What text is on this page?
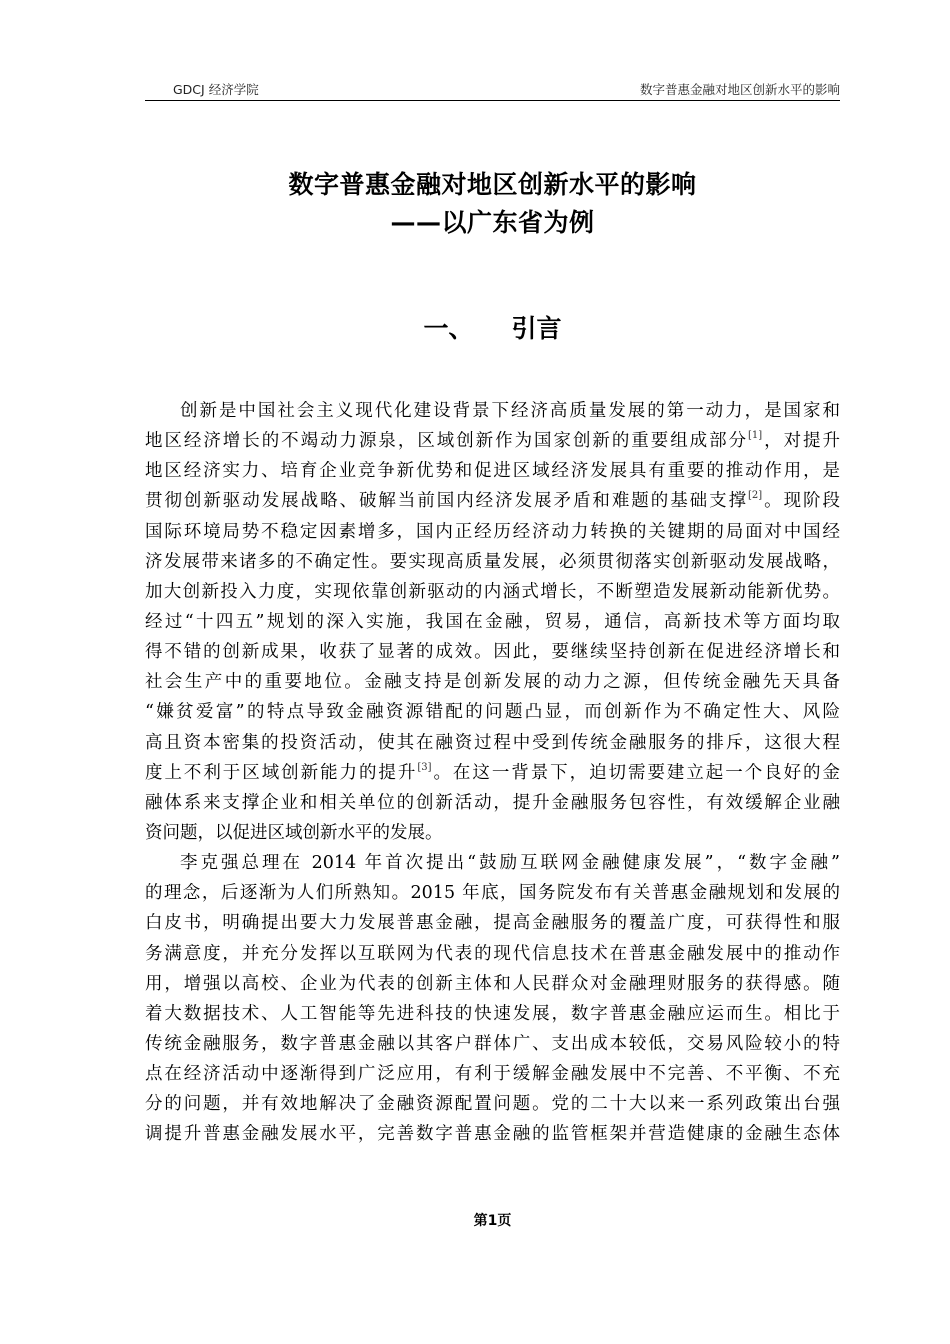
GDCJ 经济学院	数字普惠金融对地区创新水平的影响
数字普惠金融对地区创新水平的影响
——以广东省为例
一、 引言
创新是中国社会主义现代化建设背景下经济高质量发展的第一动力，是国家和
地区经济增长的不竭动力源泉，区域创新作为国家创新的重要组成部分[1]，对提升
地区经济实力、培育企业竞争新优势和促进区域经济发展具有重要的推动作用，是
贯彻创新驱动发展战略、破解当前国内经济发展矛盾和难题的基础支撑[2]。现阶段
国际环境局势不稳定因素增多，国内正经历经济动力转换的关键期的局面对中国经
济发展带来诸多的不确定性。要实现高质量发展，必须贯彻落实创新驱动发展战略，
加大创新投入力度，实现依靠创新驱动的内涵式增长，不断塑造发展新动能新优势。
经过“十四五”规划的深入实施，我国在金融，贸易，通信，高新技术等方面均取
得不错的创新成果，收获了显著的成效。因此，要继续坚持创新在促进经济增长和
社会生产中的重要地位。金融支持是创新发展的动力之源，但传统金融先天具备
“嫌贫爱富”的特点导致金融资源错配的问题凸显，而创新作为不确定性大、风险
高且资本密集的投资活动，使其在融资过程中受到传统金融服务的排斥，这很大程
度上不利于区域创新能力的提升[3]。在这一背景下，迫切需要建立起一个良好的金
融体系来支撑企业和相关单位的创新活动，提升金融服务包容性，有效缓解企业融
资问题，以促进区域创新水平的发展。
李克强总理在 2014 年首次提出“鼓励互联网金融健康发展”，“数字金融”
的理念，后逐渐为人们所熟知。2015 年底，国务院发布有关普惠金融规划和发展的
白皮书，明确提出要大力发展普惠金融，提高金融服务的覆盖广度，可获得性和服
务满意度，并充分发挥以互联网为代表的现代信息技术在普惠金融发展中的推动作
用，增强以高校、企业为代表的创新主体和人民群众对金融理财服务的获得感。随
着大数据技术、人工智能等先进科技的快速发展，数字普惠金融应运而生。相比于
传统金融服务，数字普惠金融以其客户群体广、支出成本较低，交易风险较小的特
点在经济活动中逐渐得到广泛应用，有利于缓解金融发展中不完善、不平衡、不充
分的问题，并有效地解决了金融资源配置问题。党的二十大以来一系列政策出台强
调提升普惠金融发展水平，完善数字普惠金融的监管框架并营造健康的金融生态体
第1页
